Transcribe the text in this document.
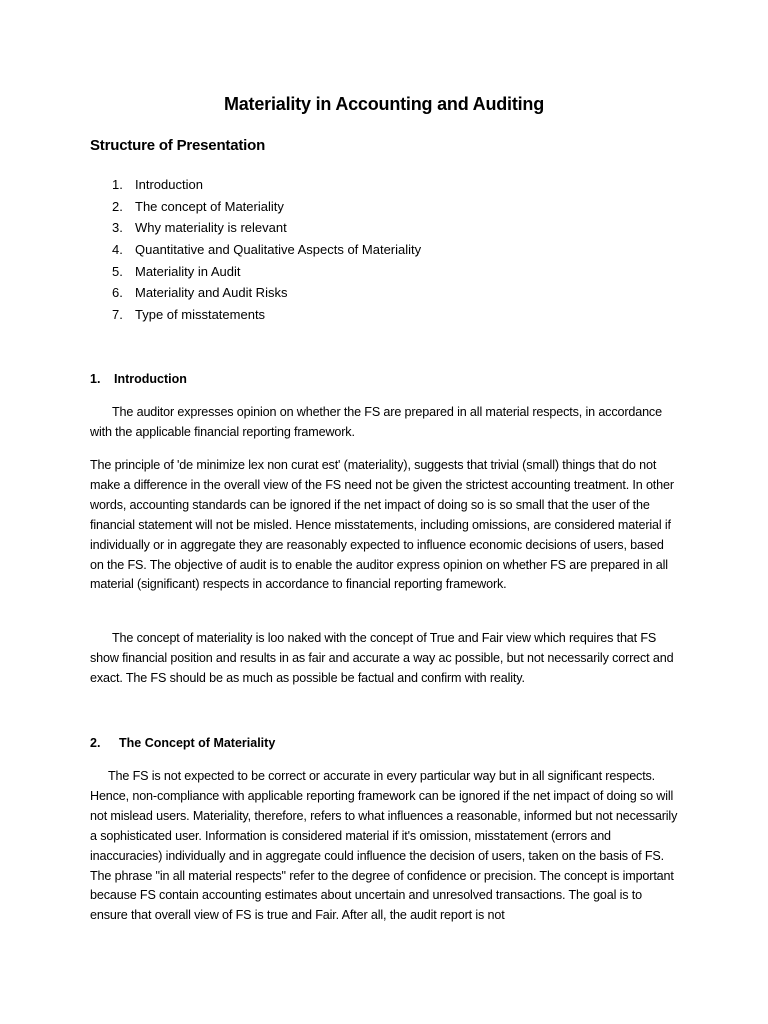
Materiality in Accounting and Auditing
Structure of Presentation
1. Introduction
2. The concept of Materiality
3. Why materiality is relevant
4. Quantitative and Qualitative Aspects of Materiality
5. Materiality in Audit
6. Materiality and Audit Risks
7. Type of misstatements
1. Introduction

The auditor expresses opinion on whether the FS are prepared in all material respects, in accordance with the applicable financial reporting framework.

The principle of 'de minimize lex non curat est' (materiality), suggests that trivial (small) things that do not make a difference in the overall view of the FS need not be given the strictest accounting treatment. In other words, accounting standards can be ignored if the net impact of doing so is so small that the user of the financial statement will not be misled. Hence misstatements, including omissions, are considered material if individually or in aggregate they are reasonably expected to influence economic decisions of users, based on the FS. The objective of audit is to enable the auditor express opinion on whether FS are prepared in all material (significant) respects in accordance to financial reporting framework.

The concept of materiality is loo naked with the concept of True and Fair view which requires that FS show financial position and results in as fair and accurate a way ac possible, but not necessarily correct and exact. The FS should be as much as possible be factual and confirm with reality.

2. The Concept of Materiality

The FS is not expected to be correct or accurate in every particular way but in all significant respects. Hence, non-compliance with applicable reporting framework can be ignored if the net impact of doing so will not mislead users. Materiality, therefore, refers to what influences a reasonable, informed but not necessarily a sophisticated user. Information is considered material if it's omission, misstatement (errors and inaccuracies) individually and in aggregate could influence the decision of users, taken on the basis of FS. The phrase "in all material respects" refer to the degree of confidence or precision. The concept is important because FS contain accounting estimates about uncertain and unresolved transactions. The goal is to ensure that overall view of FS is true and Fair. After all, the audit report is not
